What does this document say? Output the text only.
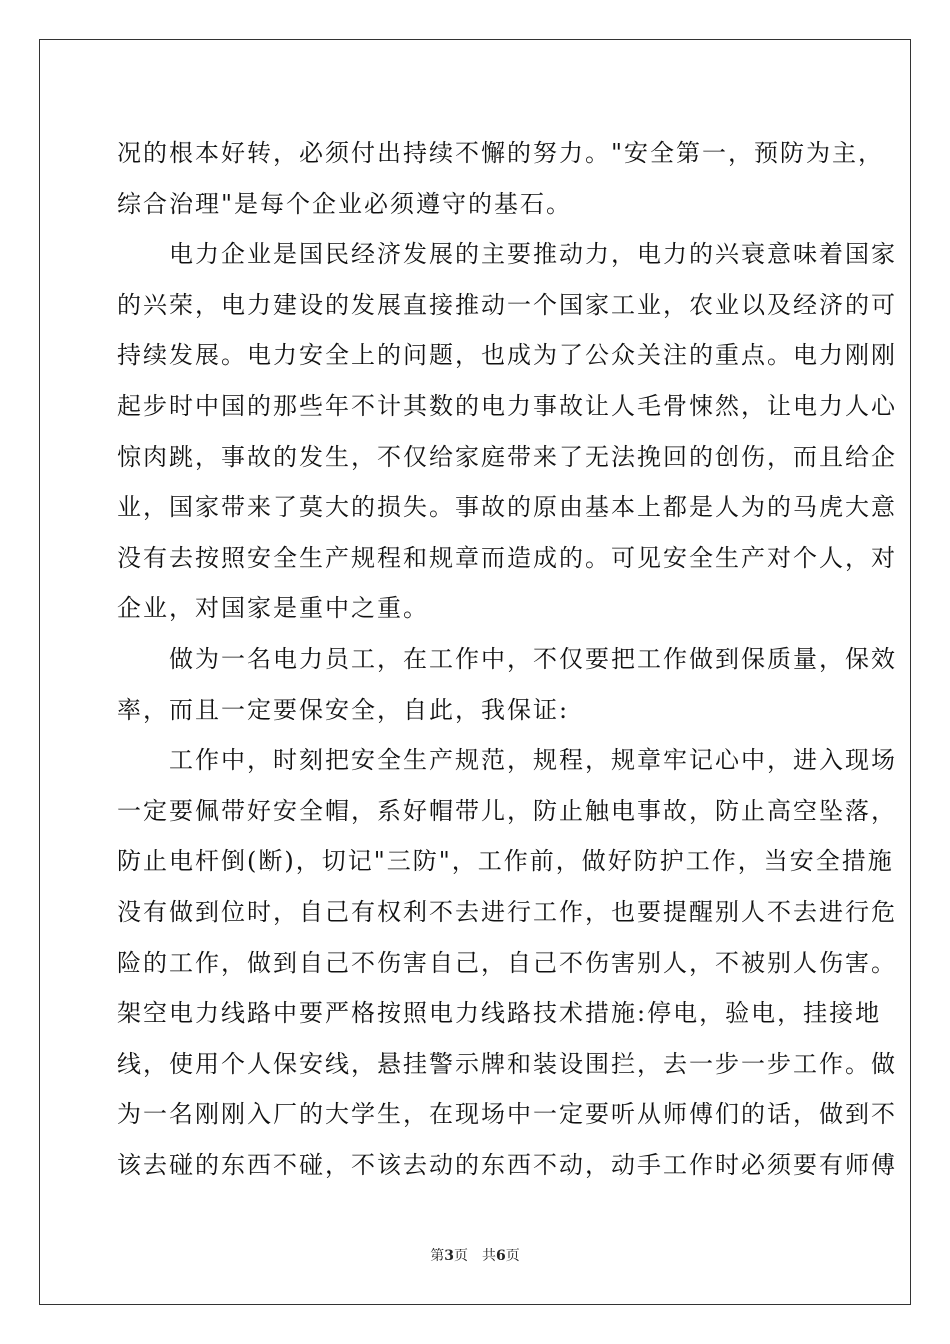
况的根本好转，必须付出持续不懈的努力。"安全第一，预防为主，
综合治理"是每个企业必须遵守的基石。
　　电力企业是国民经济发展的主要推动力，电力的兴衰意味着国家
的兴荣，电力建设的发展直接推动一个国家工业，农业以及经济的可
持续发展。电力安全上的问题，也成为了公众关注的重点。电力刚刚
起步时中国的那些年不计其数的电力事故让人毛骨悚然，让电力人心
惊肉跳，事故的发生，不仅给家庭带来了无法挽回的创伤，而且给企
业，国家带来了莫大的损失。事故的原由基本上都是人为的马虎大意
没有去按照安全生产规程和规章而造成的。可见安全生产对个人，对
企业，对国家是重中之重。
　　做为一名电力员工，在工作中，不仅要把工作做到保质量，保效
率，而且一定要保安全，自此，我保证:
　　工作中，时刻把安全生产规范，规程，规章牢记心中，进入现场
一定要佩带好安全帽，系好帽带儿，防止触电事故，防止高空坠落，
防止电杆倒(断)，切记"三防"，工作前，做好防护工作，当安全措施
没有做到位时，自己有权利不去进行工作，也要提醒别人不去进行危
险的工作，做到自己不伤害自己，自己不伤害别人，不被别人伤害。
架空电力线路中要严格按照电力线路技术措施:停电，验电，挂接地
线，使用个人保安线，悬挂警示牌和装设围拦，去一步一步工作。做
为一名刚刚入厂的大学生，在现场中一定要听从师傅们的话，做到不
该去碰的东西不碰，不该去动的东西不动，动手工作时必须要有师傅
第3页 共6页
